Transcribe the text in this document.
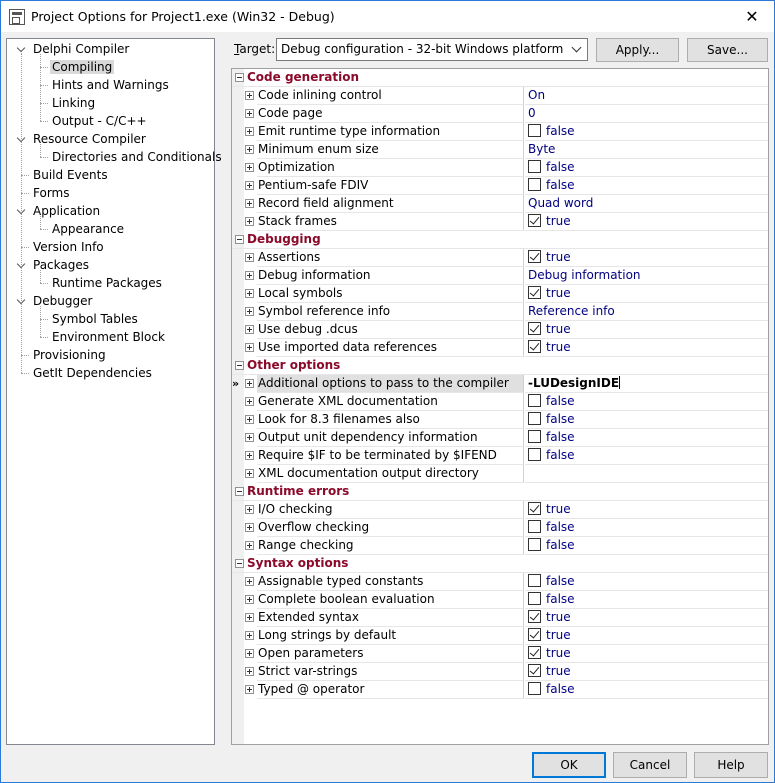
Project Options for Project1.exe (Win32 - Debug)	✕
Delphi Compiler
Compiling
Hints and Warnings
Linking
Output - C/C++
Resource Compiler
Directories and Conditionals
Build Events
Forms
Application
Appearance
Version Info
Packages
Runtime Packages
Debugger
Symbol Tables
Environment Block
Provisioning
GetIt Dependencies
Target: Debug configuration - 32-bit Windows platform	Apply...	Save...
Code generation
Code inlining control	On
Code page	0
Emit runtime type information	false
Minimum enum size	Byte
Optimization	false
Pentium-safe FDIV	false
Record field alignment	Quad word
Stack frames	true
Debugging
Assertions	true
Debug information	Debug information
Local symbols	true
Symbol reference info	Reference info
Use debug .dcus	true
Use imported data references	true
Other options
»	Additional options to pass to the compiler	-LUDesignIDE
Generate XML documentation	false
Look for 8.3 filenames also	false
Output unit dependency information	false
Require $IF to be terminated by $IFEND	false
XML documentation output directory
Runtime errors
I/O checking	true
Overflow checking	false
Range checking	false
Syntax options
Assignable typed constants	false
Complete boolean evaluation	false
Extended syntax	true
Long strings by default	true
Open parameters	true
Strict var-strings	true
Typed @ operator	false
OK	Cancel	Help
